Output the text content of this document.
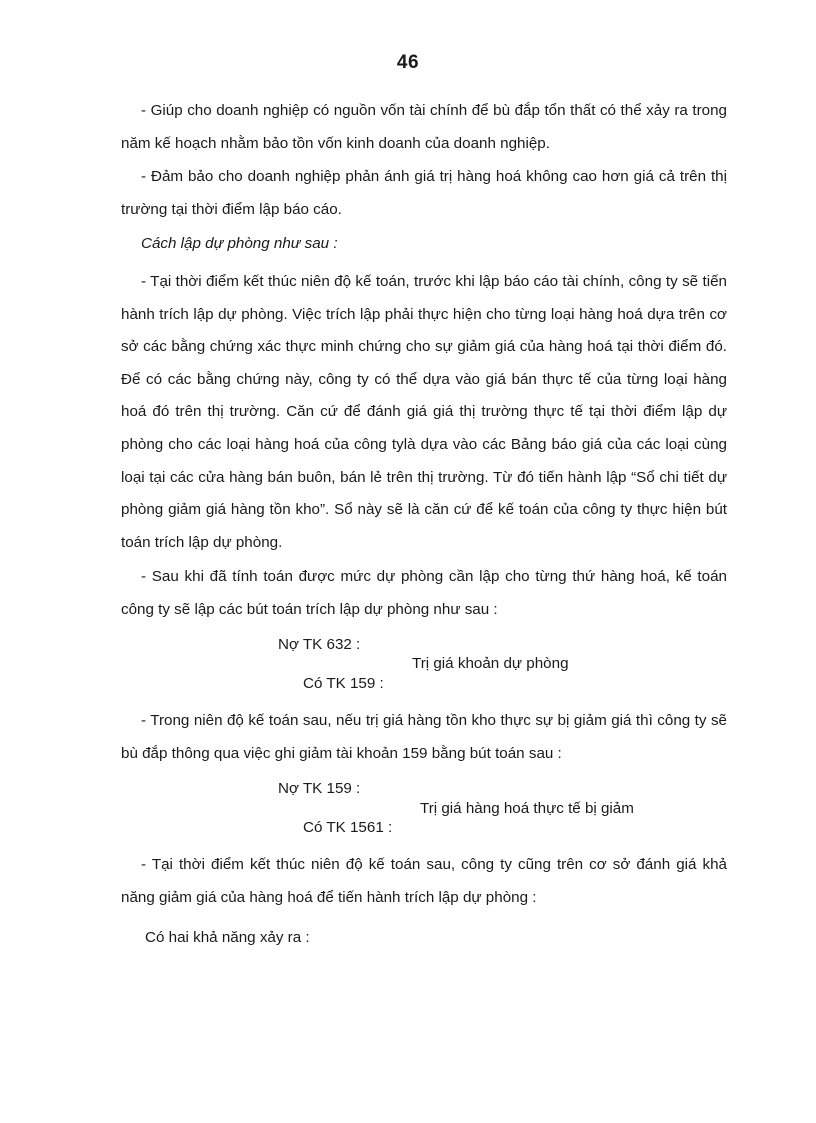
46

- Giúp cho doanh nghiệp có nguồn vốn tài chính để bù đắp tổn thất có thể xảy ra trong năm kế hoạch nhằm bảo tồn vốn kinh doanh của doanh nghiệp.

- Đảm bảo cho doanh nghiệp phản ánh giá trị hàng hoá không cao hơn giá cả trên thị trường tại thời điểm lập báo cáo.

Cách lập dự phòng như sau :

- Tại thời điểm kết thúc niên độ kế toán, trước khi lập báo cáo tài chính, công ty sẽ tiến hành trích lập dự phòng. Việc trích lập phải thực hiện cho từng loại hàng hoá dựa trên cơ sở các bằng chứng xác thực minh chứng cho sự giảm giá của hàng hoá tại thời điểm đó. Để có các bằng chứng này, công ty có thể dựa vào giá bán thực tế của từng loại hàng hoá đó trên thị trường. Căn cứ để đánh giá giá thị trường thực tế tại thời điểm lập dự phòng cho các loại hàng hoá của công tylà dựa vào các Bảng báo giá của các loại cùng loại tại các cửa hàng bán buôn, bán lẻ trên thị trường. Từ đó tiến hành lập “Sổ chi tiết dự phòng giảm giá hàng tồn kho”. Sổ này sẽ là căn cứ để kế toán của công ty thực hiện bút toán trích lập dự phòng.

- Sau khi đã tính toán được mức dự phòng cần lập cho từng thứ hàng hoá, kế toán công ty sẽ lập các bút toán trích lập dự phòng như sau :

Nợ TK 632 :
Trị giá khoản dự phòng
Có TK 159 :

- Trong niên độ kế toán sau, nếu trị giá hàng tồn kho thực sự bị giảm giá thì công ty sẽ bù đắp thông qua việc ghi giảm tài khoản 159 bằng bút toán sau :

Nợ TK 159 :
Trị giá hàng hoá thực tế bị giảm
Có TK 1561 :

- Tại thời điểm kết thúc niên độ kế toán sau, công ty cũng trên cơ sở đánh giá khả năng giảm giá của hàng hoá để tiến hành trích lập dự phòng :

Có hai khả năng xảy ra :
